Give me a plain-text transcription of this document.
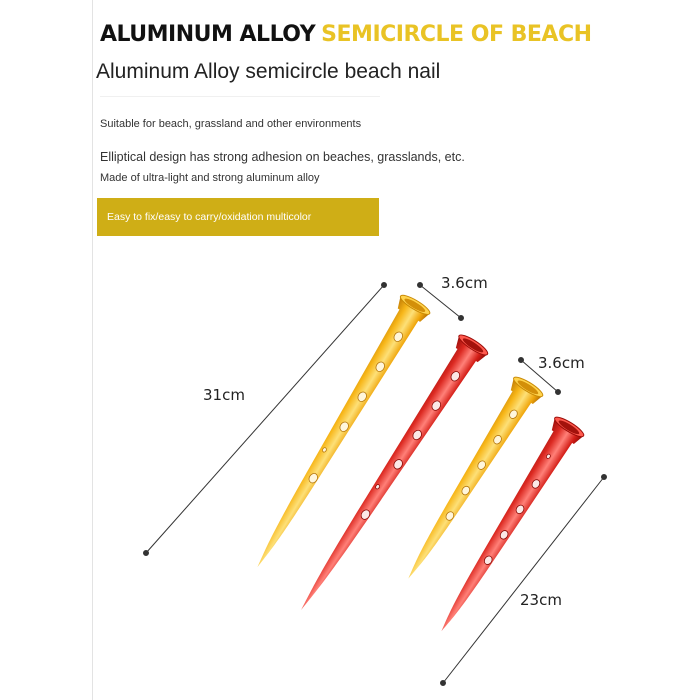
ALUMINUM ALLOY SEMICIRCLE OF BEACH
Aluminum Alloy semicircle beach nail
Suitable for beach, grassland and other environments
Elliptical design has strong adhesion on beaches, grasslands, etc.
Made of ultra-light and strong aluminum alloy
Easy to fix/easy to carry/oxidation multicolor
31cm
3.6cm
3.6cm
23cm
